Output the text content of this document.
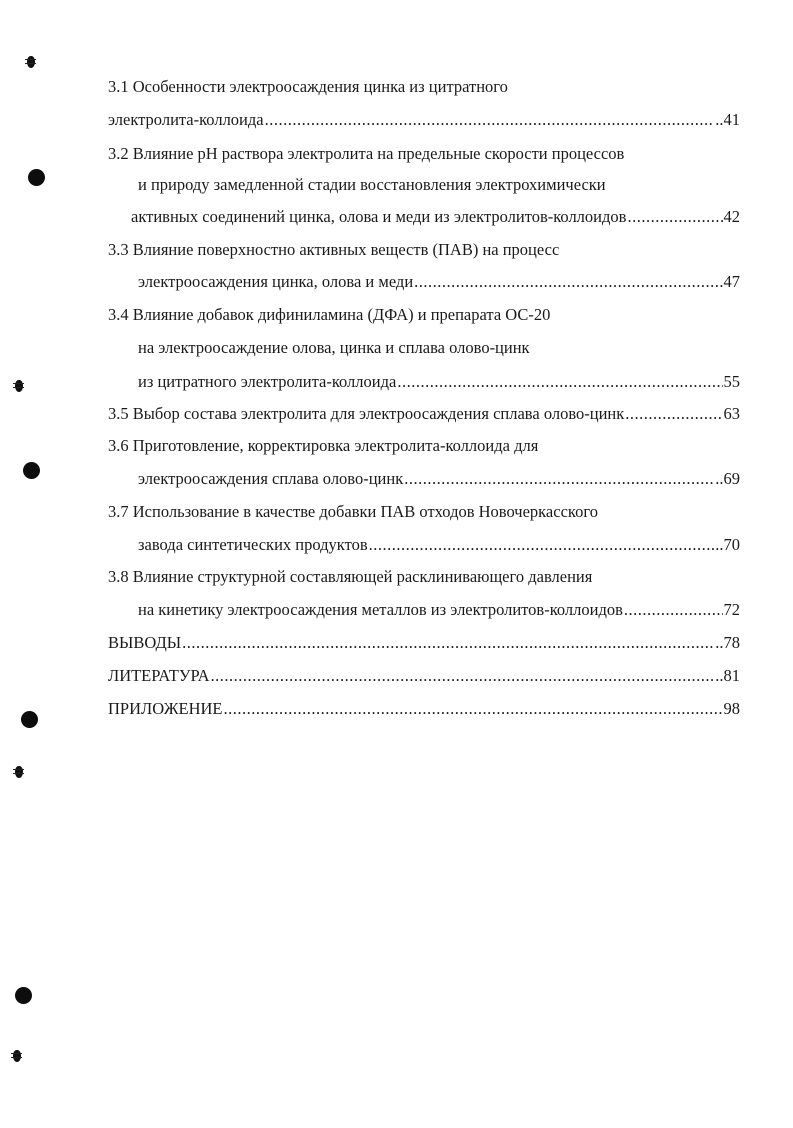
3.1 Особенности электроосаждения цинка из цитратного
электролита-коллоида .....	..41
3.2 Влияние pH раствора электролита на предельные скорости процессов
и природу замедленной стадии восстановления электрохимически
активных соединений цинка, олова и меди из электролитов-коллоидов .....	42
3.3 Влияние поверхностно активных веществ (ПАВ) на процесс
электроосаждения цинка, олова и меди .....	47
3.4 Влияние добавок дифиниламина (ДФА) и препарата ОС-20
на электроосаждение олова, цинка и сплава олово-цинк
из цитратного электролита-коллоида .....	55
3.5 Выбор состава электролита для электроосаждения сплава олово-цинк .....	63
3.6 Приготовление, корректировка электролита-коллоида для
электроосаждения сплава олово-цинк .....	..69
3.7 Использование в качестве добавки ПАВ отходов Новочеркасского
завода синтетических продуктов .....	..70
3.8 Влияние структурной составляющей расклинивающего давления
на кинетику электроосаждения металлов из электролитов-коллоидов .....	72
ВЫВОДЫ .....	..78
ЛИТЕРАТУРА .....	..81
ПРИЛОЖЕНИЕ .....	98
